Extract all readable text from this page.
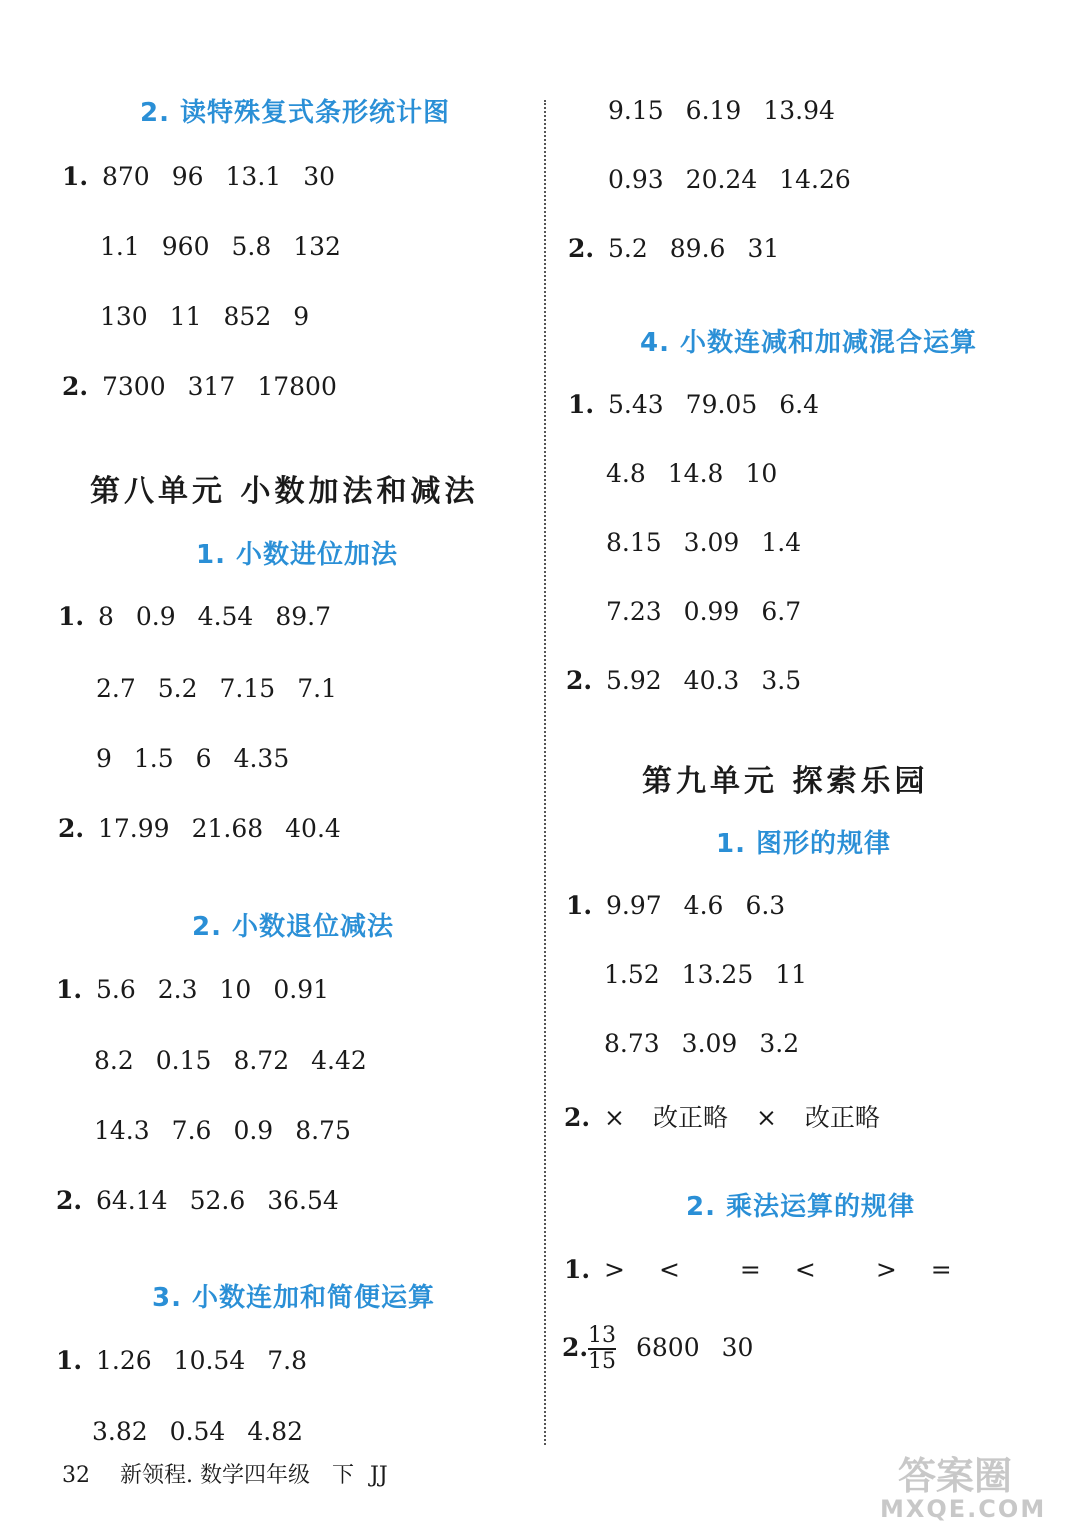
2. 读特殊复式条形统计图
1. 870 96 13.1 30
1.1 960 5.8 132
130 11 852 9
2. 7300 317 17800
第八单元 小数加法和减法
1. 小数进位加法
1. 8 0.9 4.54 89.7
2.7 5.2 7.15 7.1
9 1.5 6 4.35
2. 17.99 21.68 40.4
2. 小数退位减法
1. 5.6 2.3 10 0.91
8.2 0.15 8.72 4.42
14.3 7.6 0.9 8.75
2. 64.14 52.6 36.54
3. 小数连加和简便运算
1. 1.26 10.54 7.8
3.82 0.54 4.82
9.15 6.19 13.94
0.93 20.24 14.26
2. 5.2 89.6 31
4. 小数连减和加减混合运算
1. 5.43 79.05 6.4
4.8 14.8 10
8.15 3.09 1.4
7.23 0.99 6.7
2. 5.92 40.3 3.5
第九单元 探索乐园
1. 图形的规律
1. 9.97 4.6 6.3
1.52 13.25 11
8.73 3.09 3.2
2. × 改正略 × 改正略
2. 乘法运算的规律
1. > < = < > =
2. $\frac{13}{15} 6800$ 30
32 新领程. 数学四年级 下 JJ	答案圈
MXQE.COM
